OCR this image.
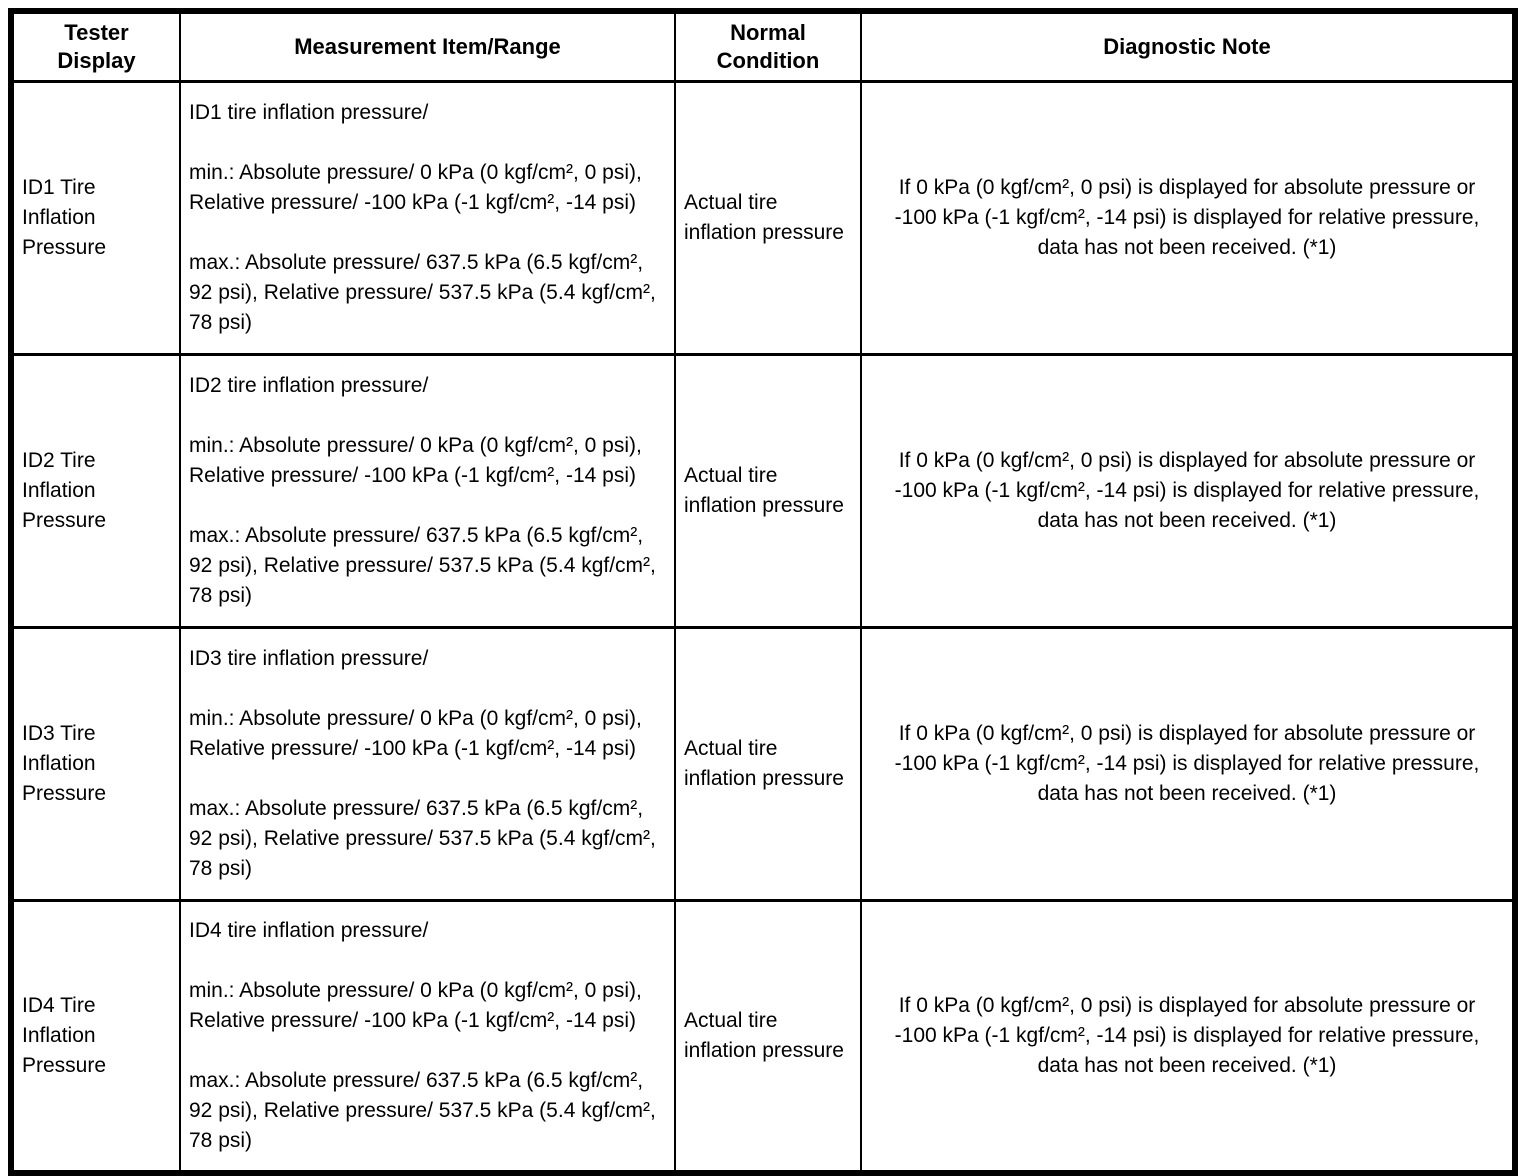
Tester Display	Measurement Item/Range	Normal Condition	Diagnostic Note
ID1 Tire Inflation Pressure	ID1 tire inflation pressure/
min.: Absolute pressure/ 0 kPa (0 kgf/cm², 0 psi), Relative pressure/ -100 kPa (-1 kgf/cm², -14 psi)
max.: Absolute pressure/ 637.5 kPa (6.5 kgf/cm², 92 psi), Relative pressure/ 537.5 kPa (5.4 kgf/cm², 78 psi)	Actual tire inflation pressure	If 0 kPa (0 kgf/cm², 0 psi) is displayed for absolute pressure or -100 kPa (-1 kgf/cm², -14 psi) is displayed for relative pressure, data has not been received. (*1)
ID2 Tire Inflation Pressure	ID2 tire inflation pressure/
min.: Absolute pressure/ 0 kPa (0 kgf/cm², 0 psi), Relative pressure/ -100 kPa (-1 kgf/cm², -14 psi)
max.: Absolute pressure/ 637.5 kPa (6.5 kgf/cm², 92 psi), Relative pressure/ 537.5 kPa (5.4 kgf/cm², 78 psi)	Actual tire inflation pressure	If 0 kPa (0 kgf/cm², 0 psi) is displayed for absolute pressure or -100 kPa (-1 kgf/cm², -14 psi) is displayed for relative pressure, data has not been received. (*1)
ID3 Tire Inflation Pressure	ID3 tire inflation pressure/
min.: Absolute pressure/ 0 kPa (0 kgf/cm², 0 psi), Relative pressure/ -100 kPa (-1 kgf/cm², -14 psi)
max.: Absolute pressure/ 637.5 kPa (6.5 kgf/cm², 92 psi), Relative pressure/ 537.5 kPa (5.4 kgf/cm², 78 psi)	Actual tire inflation pressure	If 0 kPa (0 kgf/cm², 0 psi) is displayed for absolute pressure or -100 kPa (-1 kgf/cm², -14 psi) is displayed for relative pressure, data has not been received. (*1)
ID4 Tire Inflation Pressure	ID4 tire inflation pressure/
min.: Absolute pressure/ 0 kPa (0 kgf/cm², 0 psi), Relative pressure/ -100 kPa (-1 kgf/cm², -14 psi)
max.: Absolute pressure/ 637.5 kPa (6.5 kgf/cm², 92 psi), Relative pressure/ 537.5 kPa (5.4 kgf/cm², 78 psi)	Actual tire inflation pressure	If 0 kPa (0 kgf/cm², 0 psi) is displayed for absolute pressure or -100 kPa (-1 kgf/cm², -14 psi) is displayed for relative pressure, data has not been received. (*1)
